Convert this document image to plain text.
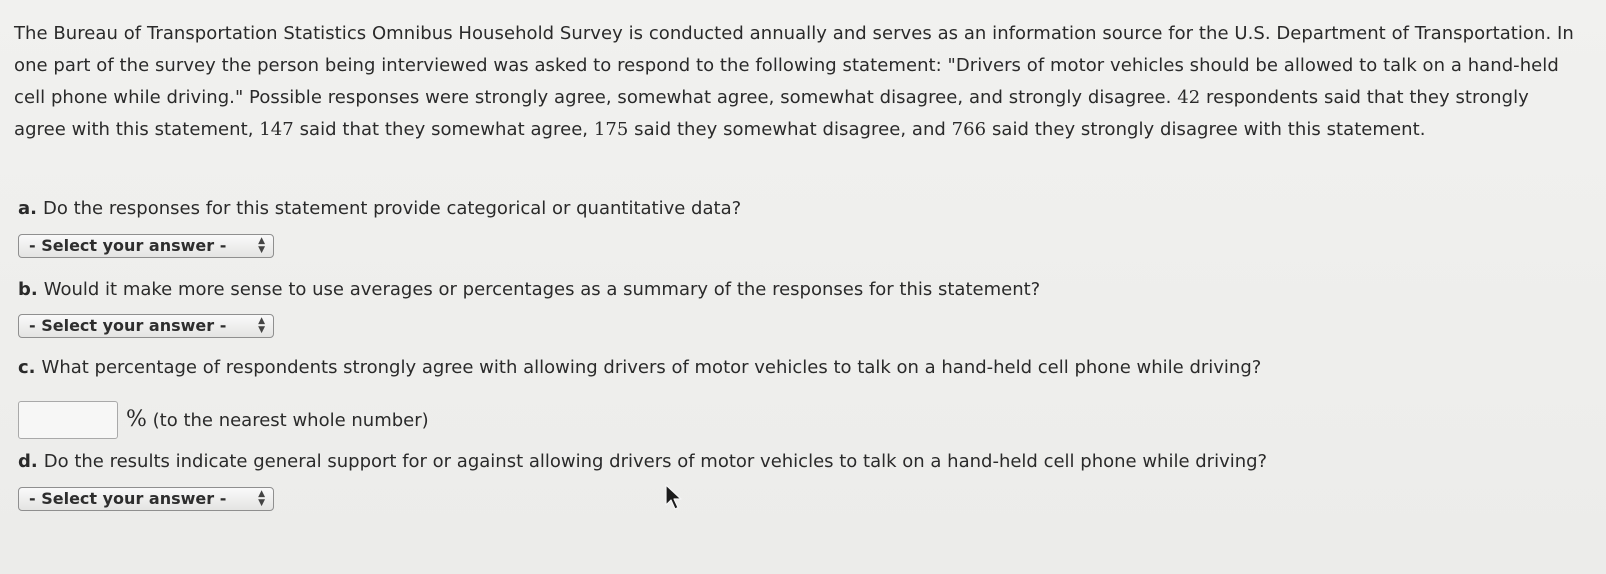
The Bureau of Transportation Statistics Omnibus Household Survey is conducted annually and serves as an information source for the U.S. Department of Transportation. In one part of the survey the person being interviewed was asked to respond to the following statement: "Drivers of motor vehicles should be allowed to talk on a hand-held cell phone while driving." Possible responses were strongly agree, somewhat agree, somewhat disagree, and strongly disagree. 42 respondents said that they strongly agree with this statement, 147 said that they somewhat agree, 175 said they somewhat disagree, and 766 said they strongly disagree with this statement.

a. Do the responses for this statement provide categorical or quantitative data?

- Select your answer -	▲
▼

b. Would it make more sense to use averages or percentages as a summary of the responses for this statement?

- Select your answer -	▲
▼

c. What percentage of respondents strongly agree with allowing drivers of motor vehicles to talk on a hand-held cell phone while driving?

% (to the nearest whole number)

d. Do the results indicate general support for or against allowing drivers of motor vehicles to talk on a hand-held cell phone while driving?

- Select your answer -	▲
▼
